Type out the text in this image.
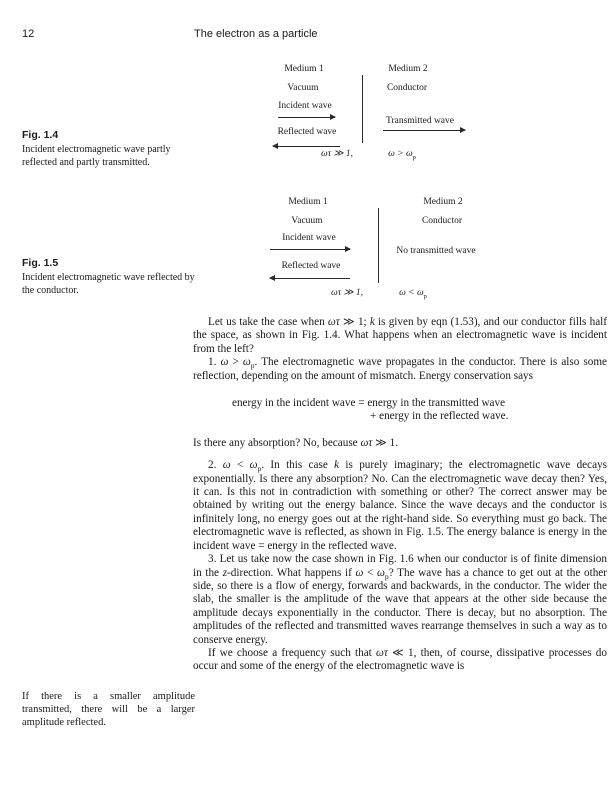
12	The electron as a particle
Medium 1	Medium 2
Vacuum	Conductor
Incident wave
Transmitted wave
Reflected wave
ωτ ≫ 1,	$\omega > \omega_p$
Fig. 1.4
Incident electromagnetic wave partly reflected and partly transmitted.
Medium 1	Medium 2
Vacuum	Conductor
Incident wave
No transmitted wave
Reflected wave
ωτ ≫ 1,	$\omega < \omega_p$
Fig. 1.5
Incident electromagnetic wave reflected by the conductor.
If there is a smaller amplitude transmitted, there will be a larger amplitude reflected.

Let us take the case when ωτ ≫ 1; k is given by eqn (1.53), and our conductor fills half the space, as shown in Fig. 1.4. What happens when an electromagnetic wave is incident from the left?

1. $\omega > \omega_p$. The electromagnetic wave propagates in the conductor. There is also some reflection, depending on the amount of mismatch. Energy conservation says

energy in the incident wave = energy in the transmitted wave
+ energy in the reflected wave.

Is there any absorption? No, because ωτ ≫ 1.

2. $\omega < \omega_p$. In this case k is purely imaginary; the electromagnetic wave decays exponentially. Is there any absorption? No. Can the electromagnetic wave decay then? Yes, it can. Is this not in contradiction with something or other? The correct answer may be obtained by writing out the energy balance. Since the wave decays and the conductor is infinitely long, no energy goes out at the right-hand side. So everything must go back. The electromagnetic wave is reflected, as shown in Fig. 1.5. The energy balance is energy in the incident wave = energy in the reflected wave.

3. Let us take now the case shown in Fig. 1.6 when our conductor is of finite dimension in the z-direction. What happens if $\omega < \omega_p$? The wave has a chance to get out at the other side, so there is a flow of energy, forwards and backwards, in the conductor. The wider the slab, the smaller is the amplitude of the wave that appears at the other side because the amplitude decays exponentially in the conductor. There is decay, but no absorption. The amplitudes of the reflected and transmitted waves rearrange themselves in such a way as to conserve energy.

If we choose a frequency such that ωτ ≪ 1, then, of course, dissipative processes do occur and some of the energy of the electromagnetic wave is
